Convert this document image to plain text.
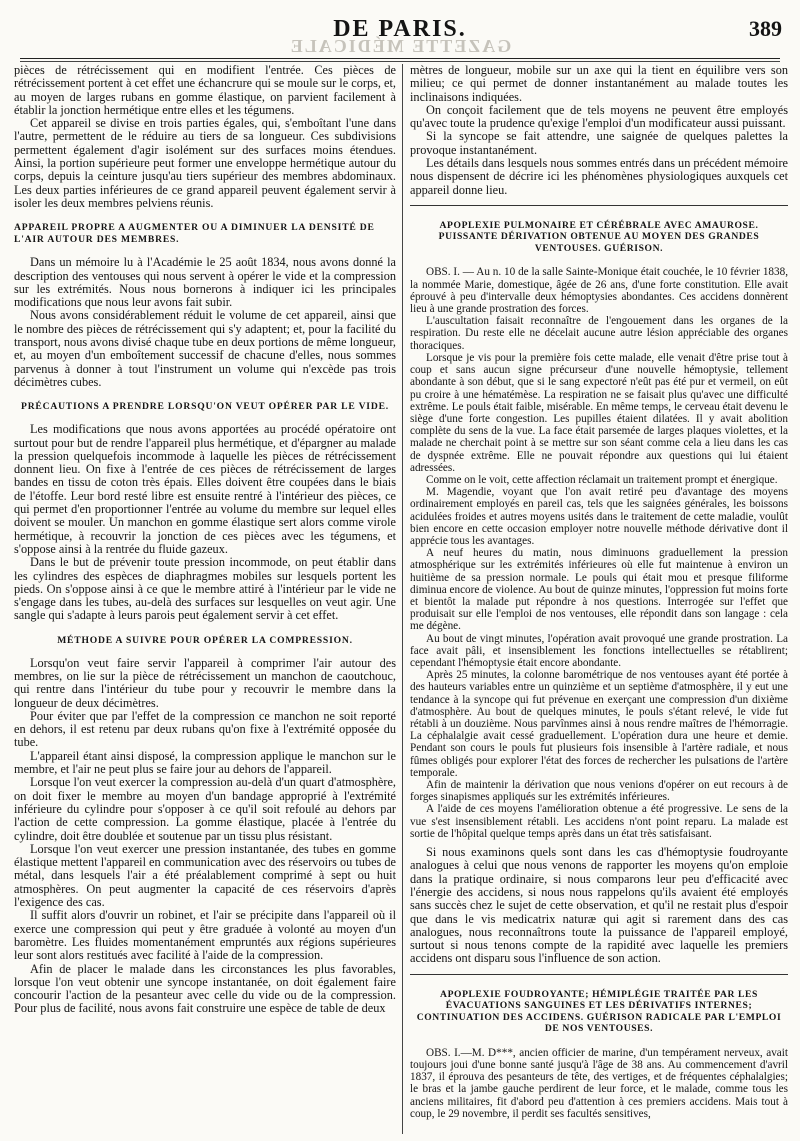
GAZETTE MÉDICALE
DE PARIS.	389

pièces de rétrécissement qui en modifient l'entrée. Ces pièces de rétrécissement portent à cet effet une échancrure qui se moule sur le corps, et, au moyen de larges rubans en gomme élastique, on parvient facilement à établir la jonction hermétique entre elles et les tégumens.

Cet appareil se divise en trois parties égales, qui, s'emboîtant l'une dans l'autre, permettent de le réduire au tiers de sa longueur. Ces subdivisions permettent également d'agir isolément sur des surfaces moins étendues. Ainsi, la portion supérieure peut former une enveloppe hermétique autour du corps, depuis la ceinture jusqu'au tiers supérieur des membres abdominaux. Les deux parties inférieures de ce grand appareil peuvent également servir à isoler les deux membres pelviens réunis.

APPAREIL PROPRE A AUGMENTER OU A DIMINUER LA DENSITÉ DE L'AIR AUTOUR DES MEMBRES.

Dans un mémoire lu à l'Académie le 25 août 1834, nous avons donné la description des ventouses qui nous servent à opérer le vide et la compression sur les extrémités. Nous nous bornerons à indiquer ici les principales modifications que nous leur avons fait subir.

Nous avons considérablement réduit le volume de cet appareil, ainsi que le nombre des pièces de rétrécissement qui s'y adaptent; et, pour la facilité du transport, nous avons divisé chaque tube en deux portions de même longueur, et, au moyen d'un emboîtement successif de chacune d'elles, nous sommes parvenus à donner à tout l'instrument un volume qui n'excède pas trois décimètres cubes.

PRÉCAUTIONS A PRENDRE LORSQU'ON VEUT OPÉRER PAR LE VIDE.

Les modifications que nous avons apportées au procédé opératoire ont surtout pour but de rendre l'appareil plus hermétique, et d'épargner au malade la pression quelquefois incommode à laquelle les pièces de rétrécissement donnent lieu. On fixe à l'entrée de ces pièces de rétrécissement de larges bandes en tissu de coton très épais. Elles doivent être coupées dans le biais de l'étoffe. Leur bord resté libre est ensuite rentré à l'intérieur des pièces, ce qui permet d'en proportionner l'entrée au volume du membre sur lequel elles doivent se mouler. Un manchon en gomme élastique sert alors comme virole hermétique, à recouvrir la jonction de ces pièces avec les tégumens, et s'oppose ainsi à la rentrée du fluide gazeux.

Dans le but de prévenir toute pression incommode, on peut établir dans les cylindres des espèces de diaphragmes mobiles sur lesquels portent les pieds. On s'oppose ainsi à ce que le membre attiré à l'intérieur par le vide ne s'engage dans les tubes, au-delà des surfaces sur lesquelles on veut agir. Une sangle qui s'adapte à leurs parois peut également servir à cet effet.

MÉTHODE A SUIVRE POUR OPÉRER LA COMPRESSION.

Lorsqu'on veut faire servir l'appareil à comprimer l'air autour des membres, on lie sur la pièce de rétrécissement un manchon de caoutchouc, qui rentre dans l'intérieur du tube pour y recouvrir le membre dans la longueur de deux décimètres.

Pour éviter que par l'effet de la compression ce manchon ne soit reporté en dehors, il est retenu par deux rubans qu'on fixe à l'extrémité opposée du tube.

L'appareil étant ainsi disposé, la compression applique le manchon sur le membre, et l'air ne peut plus se faire jour au dehors de l'appareil.

Lorsque l'on veut exercer la compression au-delà d'un quart d'atmosphère, on doit fixer le membre au moyen d'un bandage approprié à l'extrémité inférieure du cylindre pour s'opposer à ce qu'il soit refoulé au dehors par l'action de cette compression. La gomme élastique, placée à l'entrée du cylindre, doit être doublée et soutenue par un tissu plus résistant.

Lorsque l'on veut exercer une pression instantanée, des tubes en gomme élastique mettent l'appareil en communication avec des réservoirs ou tubes de métal, dans lesquels l'air a été préalablement comprimé à sept ou huit atmosphères. On peut augmenter la capacité de ces réservoirs d'après l'exigence des cas.

Il suffit alors d'ouvrir un robinet, et l'air se précipite dans l'appareil où il exerce une compression qui peut y être graduée à volonté au moyen d'un baromètre. Les fluides momentanément empruntés aux régions supérieures leur sont alors restitués avec facilité à l'aide de la compression.

Afin de placer le malade dans les circonstances les plus favorables, lorsque l'on veut obtenir une syncope instantanée, on doit également faire concourir l'action de la pesanteur avec celle du vide ou de la compression. Pour plus de facilité, nous avons fait construire une espèce de table de deux

mètres de longueur, mobile sur un axe qui la tient en équilibre vers son milieu; ce qui permet de donner instantanément au malade toutes les inclinaisons indiquées.

On conçoit facilement que de tels moyens ne peuvent être employés qu'avec toute la prudence qu'exige l'emploi d'un modificateur aussi puissant.

Si la syncope se fait attendre, une saignée de quelques palettes la provoque instantanément.

Les détails dans lesquels nous sommes entrés dans un précédent mémoire nous dispensent de décrire ici les phénomènes physiologiques auxquels cet appareil donne lieu.

APOPLEXIE PULMONAIRE ET CÉRÉBRALE AVEC AMAUROSE. PUISSANTE DÉRIVATION OBTENUE AU MOYEN DES GRANDES VENTOUSES. GUÉRISON.

OBS. I. — Au n. 10 de la salle Sainte-Monique était couchée, le 10 février 1838, la nommée Marie, domestique, âgée de 26 ans, d'une forte constitution. Elle avait éprouvé à peu d'intervalle deux hémoptysies abondantes. Ces accidens donnèrent lieu à une grande prostration des forces.

L'auscultation faisait reconnaître de l'engouement dans les organes de la respiration. Du reste elle ne décelait aucune autre lésion appréciable des organes thoraciques.

Lorsque je vis pour la première fois cette malade, elle venait d'être prise tout à coup et sans aucun signe précurseur d'une nouvelle hémoptysie, tellement abondante à son début, que si le sang expectoré n'eût pas été pur et vermeil, on eût pu croire à une hématémèse. La respiration ne se faisait plus qu'avec une difficulté extrême. Le pouls était faible, misérable. En même temps, le cerveau était devenu le siège d'une forte congestion. Les pupilles étaient dilatées. Il y avait abolition complète du sens de la vue. La face était parsemée de larges plaques violettes, et la malade ne cherchait point à se mettre sur son séant comme cela a lieu dans les cas de dyspnée extrême. Elle ne pouvait répondre aux questions qui lui étaient adressées.

Comme on le voit, cette affection réclamait un traitement prompt et énergique.

M. Magendie, voyant que l'on avait retiré peu d'avantage des moyens ordinairement employés en pareil cas, tels que les saignées générales, les boissons acidulées froides et autres moyens usités dans le traitement de cette maladie, voulût bien encore en cette occasion employer notre nouvelle méthode dérivative dont il apprécie tous les avantages.

A neuf heures du matin, nous diminuons graduellement la pression atmosphérique sur les extrémités inférieures où elle fut maintenue à environ un huitième de sa pression normale. Le pouls qui était mou et presque filiforme diminua encore de violence. Au bout de quinze minutes, l'oppression fut moins forte et bientôt la malade put répondre à nos questions. Interrogée sur l'effet que produisait sur elle l'emploi de nos ventouses, elle répondit dans son langage : cela me dégène.

Au bout de vingt minutes, l'opération avait provoqué une grande prostration. La face avait pâli, et insensiblement les fonctions intellectuelles se rétablirent; cependant l'hémoptysie était encore abondante.

Après 25 minutes, la colonne barométrique de nos ventouses ayant été portée à des hauteurs variables entre un quinzième et un septième d'atmosphère, il y eut une tendance à la syncope qui fut prévenue en exerçant une compression d'un dixième d'atmosphère. Au bout de quelques minutes, le pouls s'étant relevé, le vide fut rétabli à un douzième. Nous parvînmes ainsi à nous rendre maîtres de l'hémorragie. La céphalalgie avait cessé graduellement. L'opération dura une heure et demie. Pendant son cours le pouls fut plusieurs fois insensible à l'artère radiale, et nous fûmes obligés pour explorer l'état des forces de rechercher les pulsations de l'artère temporale.

Afin de maintenir la dérivation que nous venions d'opérer on eut recours à de forges sinapismes appliqués sur les extrémités inférieures.

A l'aide de ces moyens l'amélioration obtenue a été progressive. Le sens de la vue s'est insensiblement rétabli. Les accidens n'ont point reparu. La malade est sortie de l'hôpital quelque temps après dans un état très satisfaisant.

Si nous examinons quels sont dans les cas d'hémoptysie foudroyante analogues à celui que nous venons de rapporter les moyens qu'on emploie dans la pratique ordinaire, si nous comparons leur peu d'efficacité avec l'énergie des accidens, si nous nous rappelons qu'ils avaient été employés sans succès chez le sujet de cette observation, et qu'il ne restait plus d'espoir que dans le vis medicatrix naturæ qui agit si rarement dans des cas analogues, nous reconnaîtrons toute la puissance de l'appareil employé, surtout si nous tenons compte de la rapidité avec laquelle les premiers accidens ont disparu sous l'influence de son action.

APOPLEXIE FOUDROYANTE; HÉMIPLÉGIE TRAITÉE PAR LES ÉVACUATIONS SANGUINES ET LES DÉRIVATIFS INTERNES; CONTINUATION DES ACCIDENS. GUÉRISON RADICALE PAR L'EMPLOI DE NOS VENTOUSES.

OBS. I.—M. D***, ancien officier de marine, d'un tempérament nerveux, avait toujours joui d'une bonne santé jusqu'à l'âge de 38 ans. Au commencement d'avril 1837, il éprouva des pesanteurs de tête, des vertiges, et de fréquentes céphalalgies; le bras et la jambe gauche perdirent de leur force, et le malade, comme tous les anciens militaires, fit d'abord peu d'attention à ces premiers accidens. Mais tout à coup, le 29 novembre, il perdit ses facultés sensitives,
